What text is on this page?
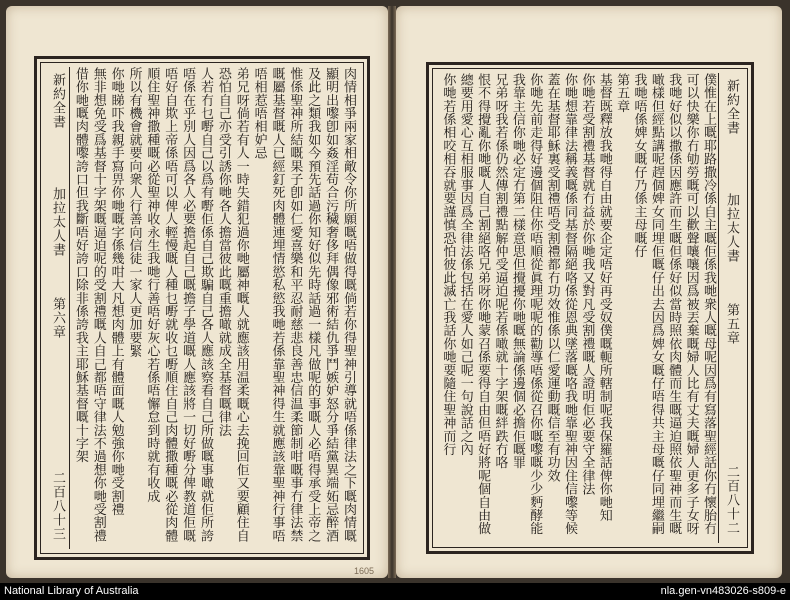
新約全書
加拉太人書
第六章
二百八十三
肉情相爭兩家相敵令你所願嘅唔做得嘅倘若你得聖神引導就唔係律法之下嘅肉情嘅
顯明出嚟卽如姦淫苟合污穢奢侈拜偶像邪術結仇爭鬥嫉妒怒分爭結黨異端妬忌醉酒
及此之類我如今預先話過你知好似先時話過一樣凡做呢的事嘅人必唔得承受上帝之
惟係聖神所結嘅果子卽如仁愛喜樂和平忍耐慈悲良善忠信温柔節制咁嘅事冇律法禁
嘅屬基督嘅人已經釘死肉體連埋情慾私慾我哋若係靠聖神得生就應該靠聖神行事唔
唔相惹唔相妒忌
弟兄呀倘若有人一時失錯犯過你哋屬神嘅人就應該用温柔嘅心去挽回佢又要顧住自
恐怕自己亦受引誘你哋各人擔當彼此嘅重擔噉就成全基督嘅律法
人若冇乜嘢自己以爲有嘢佢係自己欺騙自己各人應該察看自己所做嘅事噉就佢所誇
唔係在乎別人因爲各人必要擔起自己嘅擔子學道嘅人應該將一切好嘢分俾教道佢嘅
唔好自欺上帝係唔可以俾人輕慢嘅人種乜嘢就收乜嘢順住自己肉體撒種嘅必從肉體
順住聖神撒種嘅必從聖神收永生我哋行善唔好灰心若係唔懈怠到時就有收成
所以有機會就要向衆人行善向信徒一家人更加要緊
你哋睇吓我親手寫畀你哋嘅字係幾咁大凡想肉體上有體面嘅人勉強你哋受割禮
無非想免受爲基督十字架嘅逼迫呢的受割禮嘅人自己都唔守律法不過想你哋受割禮
借你哋嘅肉體嚟誇口但我斷唔好誇口除非係誇我主耶穌基督嘅十字架
1605
新約全書
加拉太人書
第五章
二百八十二
僕惟在上嘅耶路撒冷係自主嘅佢係我哋衆人嘅母呢因爲有寫落聖經話你冇懷胎冇
可以快樂你冇劬勞嘅可以歡聲嚷嚷因爲被丟棄嘅婦人比有丈夫嘅婦人更多子女呀
我哋好似以撒係因應許而生嘅但係好似當時照依肉體而生嘅逼迫照依聖神而生嘅
噉樣但經點講呢趕個婢女同埋佢嘅仔出去因爲婢女嘅仔唔得共主母嘅仔同埋繼嗣
我哋唔係婢女嘅仔乃係主母嘅仔
第五章
基督既釋放我哋得自由就要企定唔好再受奴僕嘅軛所轄制呢我保羅話俾你哋知
你哋若受割禮基督就冇益於你哋我又對凡受割禮嘅人證明佢必要守全律法
你哋想靠律法稱義嘅係同基督隔絕咯係從恩典墜落嘅咯我哋靠聖神因住信嚟等候
蓋在基督耶穌裏受割禮唔受割禮都冇功效惟係以仁愛運動嘅信至有功效
你哋先前走得好邊個阻住你唔順從眞理呢呢的勸導唔係從召你嘅嚟嘅少少麪酵能
我靠主信你哋必定冇第二樣意思但攪擾你哋嘅無論係邊個必擔佢嘅罪
兄弟呀我若係仍然傳割禮點解仲受逼迫呢若係噉就十字架嘅絆跌冇咯
恨不得攪亂你哋嘅人自己割絕咯兄弟呀你哋蒙召係要得自由但唔好將呢個自由做
總要用愛心互相服事因爲全律法係包括在愛人如己呢一句說話之內
你哋若係相咬相吞就要謹慎恐怕彼此滅亡我話你哋要隨住聖神而行
National Library of Australia	nla.gen-vn483026-s809-e
